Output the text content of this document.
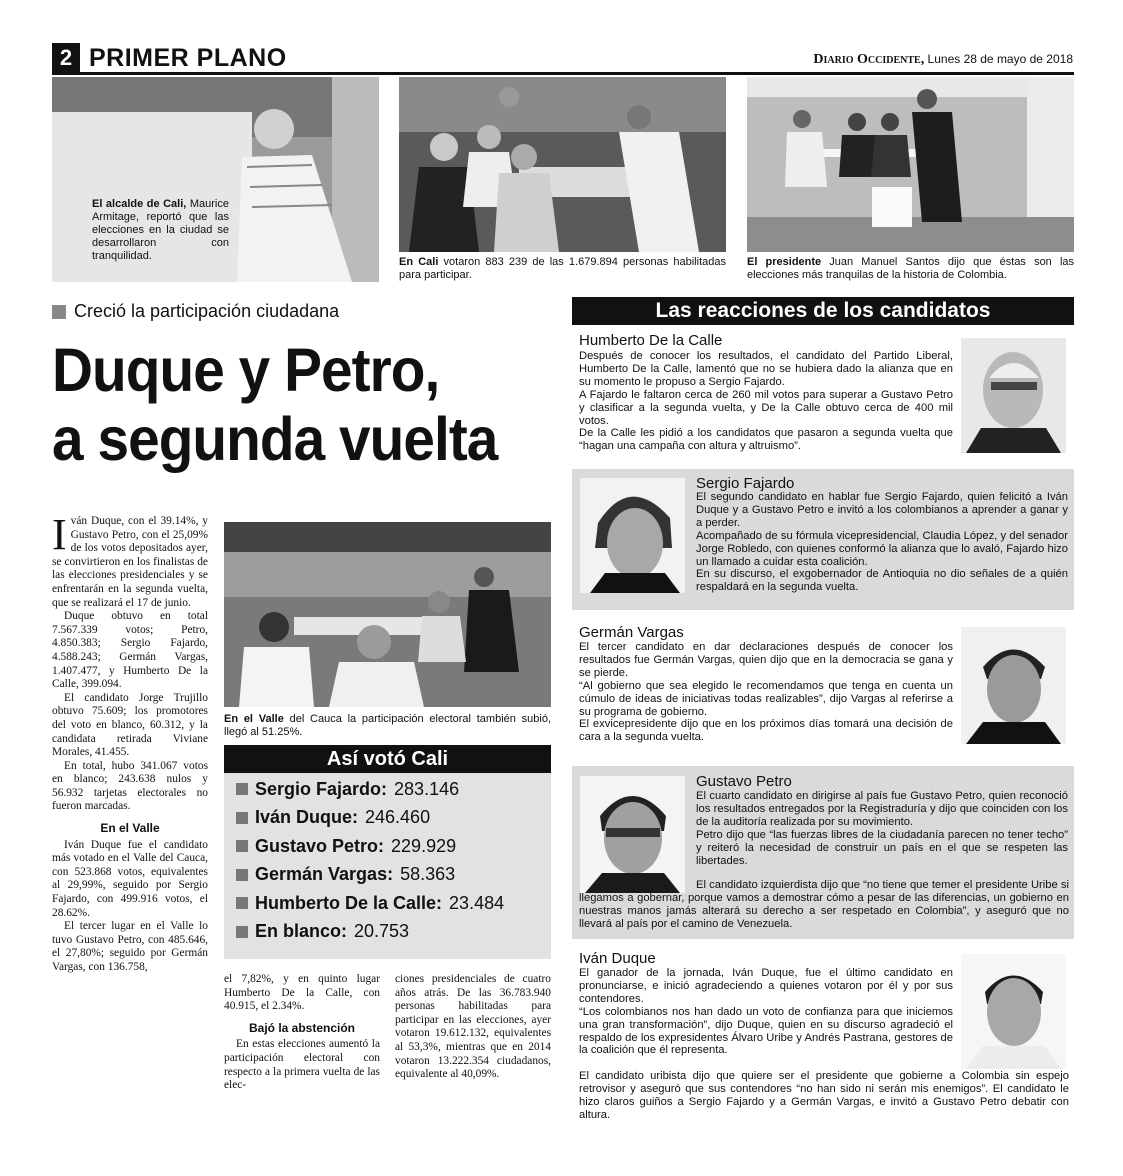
2 PRIMER PLANO	Diario Occidente, Lunes 28 de mayo de 2018
El alcalde de Cali, Maurice Armitage, reportó que las elecciones en la ciudad se desarrollaron con tranquilidad.	En Cali votaron 883 239 de las 1.679.894 personas habilitadas para participar.
El presidente Juan Manuel Santos dijo que éstas son las elecciones más tranquilas de la historia de Colombia.
Creció la participación ciudadana
Duque y Petro,
a segunda vuelta

Iván Duque, con el 39.14%, y Gustavo Petro, con el 25,09% de los votos depositados ayer, se convirtieron en los finalistas de las elecciones presidenciales y se enfrentarán en la segunda vuelta, que se realizará el 17 de junio.

Duque obtuvo en total 7.567.339 votos; Petro, 4.850.383; Sergio Fajardo, 4.588.243; Germán Vargas, 1.407.477, y Humberto De la Calle, 399.094.

El candidato Jorge Trujillo obtuvo 75.609; los promotores del voto en blanco, 60.312, y la candidata retirada Viviane Morales, 41.455.

En total, hubo 341.067 votos en blanco; 243.638 nulos y 56.932 tarjetas electorales no fueron marcadas.

En el Valle

Iván Duque fue el candidato más votado en el Valle del Cauca, con 523.868 votos, equivalentes al 29,99%, seguido por Sergio Fajardo, con 499.916 votos, el 28.62%.

El tercer lugar en el Valle lo tuvo Gustavo Petro, con 485.646, el 27,80%; seguido por Germán Vargas, con 136.758,

En el Valle del Cauca la participación electoral también subió, llegó al 51.25%.
Así votó Cali
Sergio Fajardo: 283.146
Iván Duque: 246.460
Gustavo Petro: 229.929
Germán Vargas: 58.363
Humberto De la Calle: 23.484
En blanco: 20.753

el 7,82%, y en quinto lugar Humberto De la Calle, con 40.915, el 2.34%.

Bajó la abstención

En estas elecciones aumentó la participación electoral con respecto a la primera vuelta de las elec-

ciones presidenciales de cuatro años atrás. De las 36.783.940 personas habilitadas para participar en las elecciones, ayer votaron 19.612.132, equivalentes al 53,3%, mientras que en 2014 votaron 13.222.354 ciudadanos, equivalente al 40,09%.

Las reacciones de los candidatos
Humberto De la Calle

Después de conocer los resultados, el candidato del Partido Liberal, Humberto De la Calle, lamentó que no se hubiera dado la alianza que en su momento le propuso a Sergio Fajardo.

A Fajardo le faltaron cerca de 260 mil votos para superar a Gustavo Petro y clasificar a la segunda vuelta, y De la Calle obtuvo cerca de 400 mil votos.

De la Calle les pidió a los candidatos que pasaron a segunda vuelta que “hagan una campaña con altura y altruismo”.

Sergio Fajardo

El segundo candidato en hablar fue Sergio Fajardo, quien felicitó a Iván Duque y a Gustavo Petro e invitó a los colombianos a aprender a ganar y a perder.

Acompañado de su fórmula vicepresidencial, Claudia López, y del senador Jorge Robledo, con quienes conformó la alianza que lo avaló, Fajardo hizo un llamado a cuidar esta coalición.

En su discurso, el exgobernador de Antioquia no dio señales de a quién respaldará en la segunda vuelta.

Germán Vargas

El tercer candidato en dar declaraciones después de conocer los resultados fue Germán Vargas, quien dijo que en la democracia se gana y se pierde.

“Al gobierno que sea elegido le recomendamos que tenga en cuenta un cúmulo de ideas de iniciativas todas realizables”, dijo Vargas al referirse a su programa de gobierno.

El exvicepresidente dijo que en los próximos días tomará una decisión de cara a la segunda vuelta.

Gustavo Petro

El cuarto candidato en dirigirse al país fue Gustavo Petro, quien reconoció los resultados entregados por la Registraduría y dijo que coinciden con los de la auditoría realizada por su movimiento.

Petro dijo que “las fuerzas libres de la ciudadanía parecen no tener techo” y reiteró la necesidad de construir un país en el que se respeten las libertades.

El candidato izquierdista dijo que “no tiene que temer el presidente Uribe si llegamos a gobernar, porque vamos a demostrar cómo a pesar de las diferencias, un gobierno en nuestras manos jamás alterará su derecho a ser respetado en Colombia”, y aseguró que no llevará al país por el camino de Venezuela.

Iván Duque

El ganador de la jornada, Iván Duque, fue el último candidato en pronunciarse, e inició agradeciendo a quienes votaron por él y por sus contendores.

“Los colombianos nos han dado un voto de confianza para que iniciemos una gran transformación”, dijo Duque, quien en su discurso agradeció el respaldo de los expresidentes Álvaro Uribe y Andrés Pastrana, gestores de la coalición que él representa.

El candidato uribista dijo que quiere ser el presidente que gobierne a Colombia sin espejo retrovisor y aseguró que sus contendores “no han sido ni serán mis enemigos”. El candidato le hizo claros guiños a Sergio Fajardo y a Germán Vargas, e invitó a Gustavo Petro debatir con altura.
